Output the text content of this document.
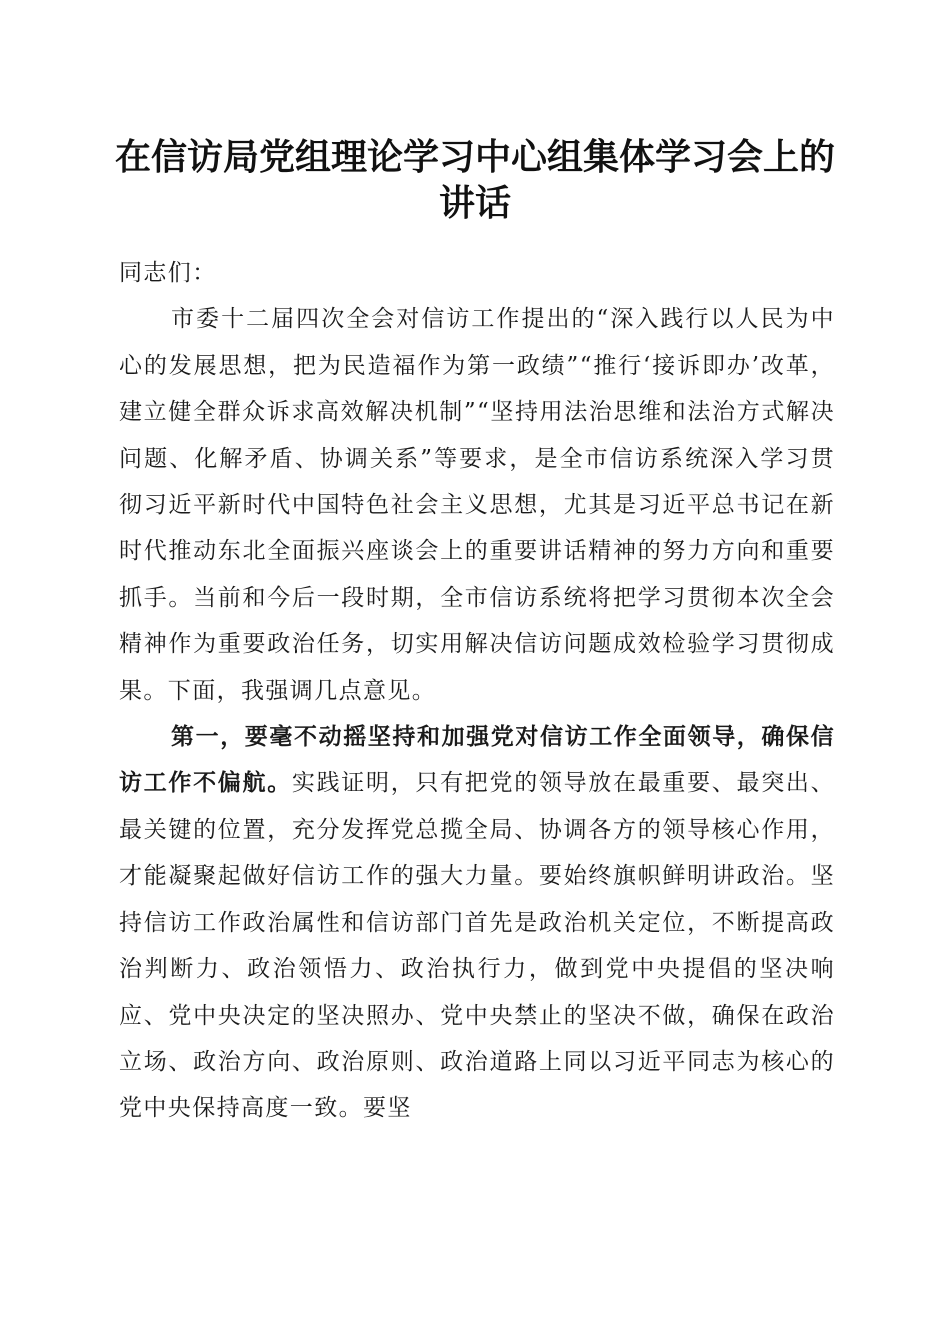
在信访局党组理论学习中心组集体学习会上的
讲话

同志们：

市委十二届四次全会对信访工作提出的“深入践行以人民为中心的发展思想，把为民造福作为第一政绩”“推行‘接诉即办’改革，建立健全群众诉求高效解决机制”“坚持用法治思维和法治方式解决问题、化解矛盾、协调关系”等要求，是全市信访系统深入学习贯彻习近平新时代中国特色社会主义思想，尤其是习近平总书记在新时代推动东北全面振兴座谈会上的重要讲话精神的努力方向和重要抓手。当前和今后一段时期，全市信访系统将把学习贯彻本次全会精神作为重要政治任务，切实用解决信访问题成效检验学习贯彻成果。下面，我强调几点意见。

第一，要毫不动摇坚持和加强党对信访工作全面领导，确保信访工作不偏航。实践证明，只有把党的领导放在最重要、最突出、最关键的位置，充分发挥党总揽全局、协调各方的领导核心作用，才能凝聚起做好信访工作的强大力量。要始终旗帜鲜明讲政治。坚持信访工作政治属性和信访部门首先是政治机关定位，不断提高政治判断力、政治领悟力、政治执行力，做到党中央提倡的坚决响应、党中央决定的坚决照办、党中央禁止的坚决不做，确保在政治立场、政治方向、政治原则、政治道路上同以习近平同志为核心的党中央保持高度一致。要坚
